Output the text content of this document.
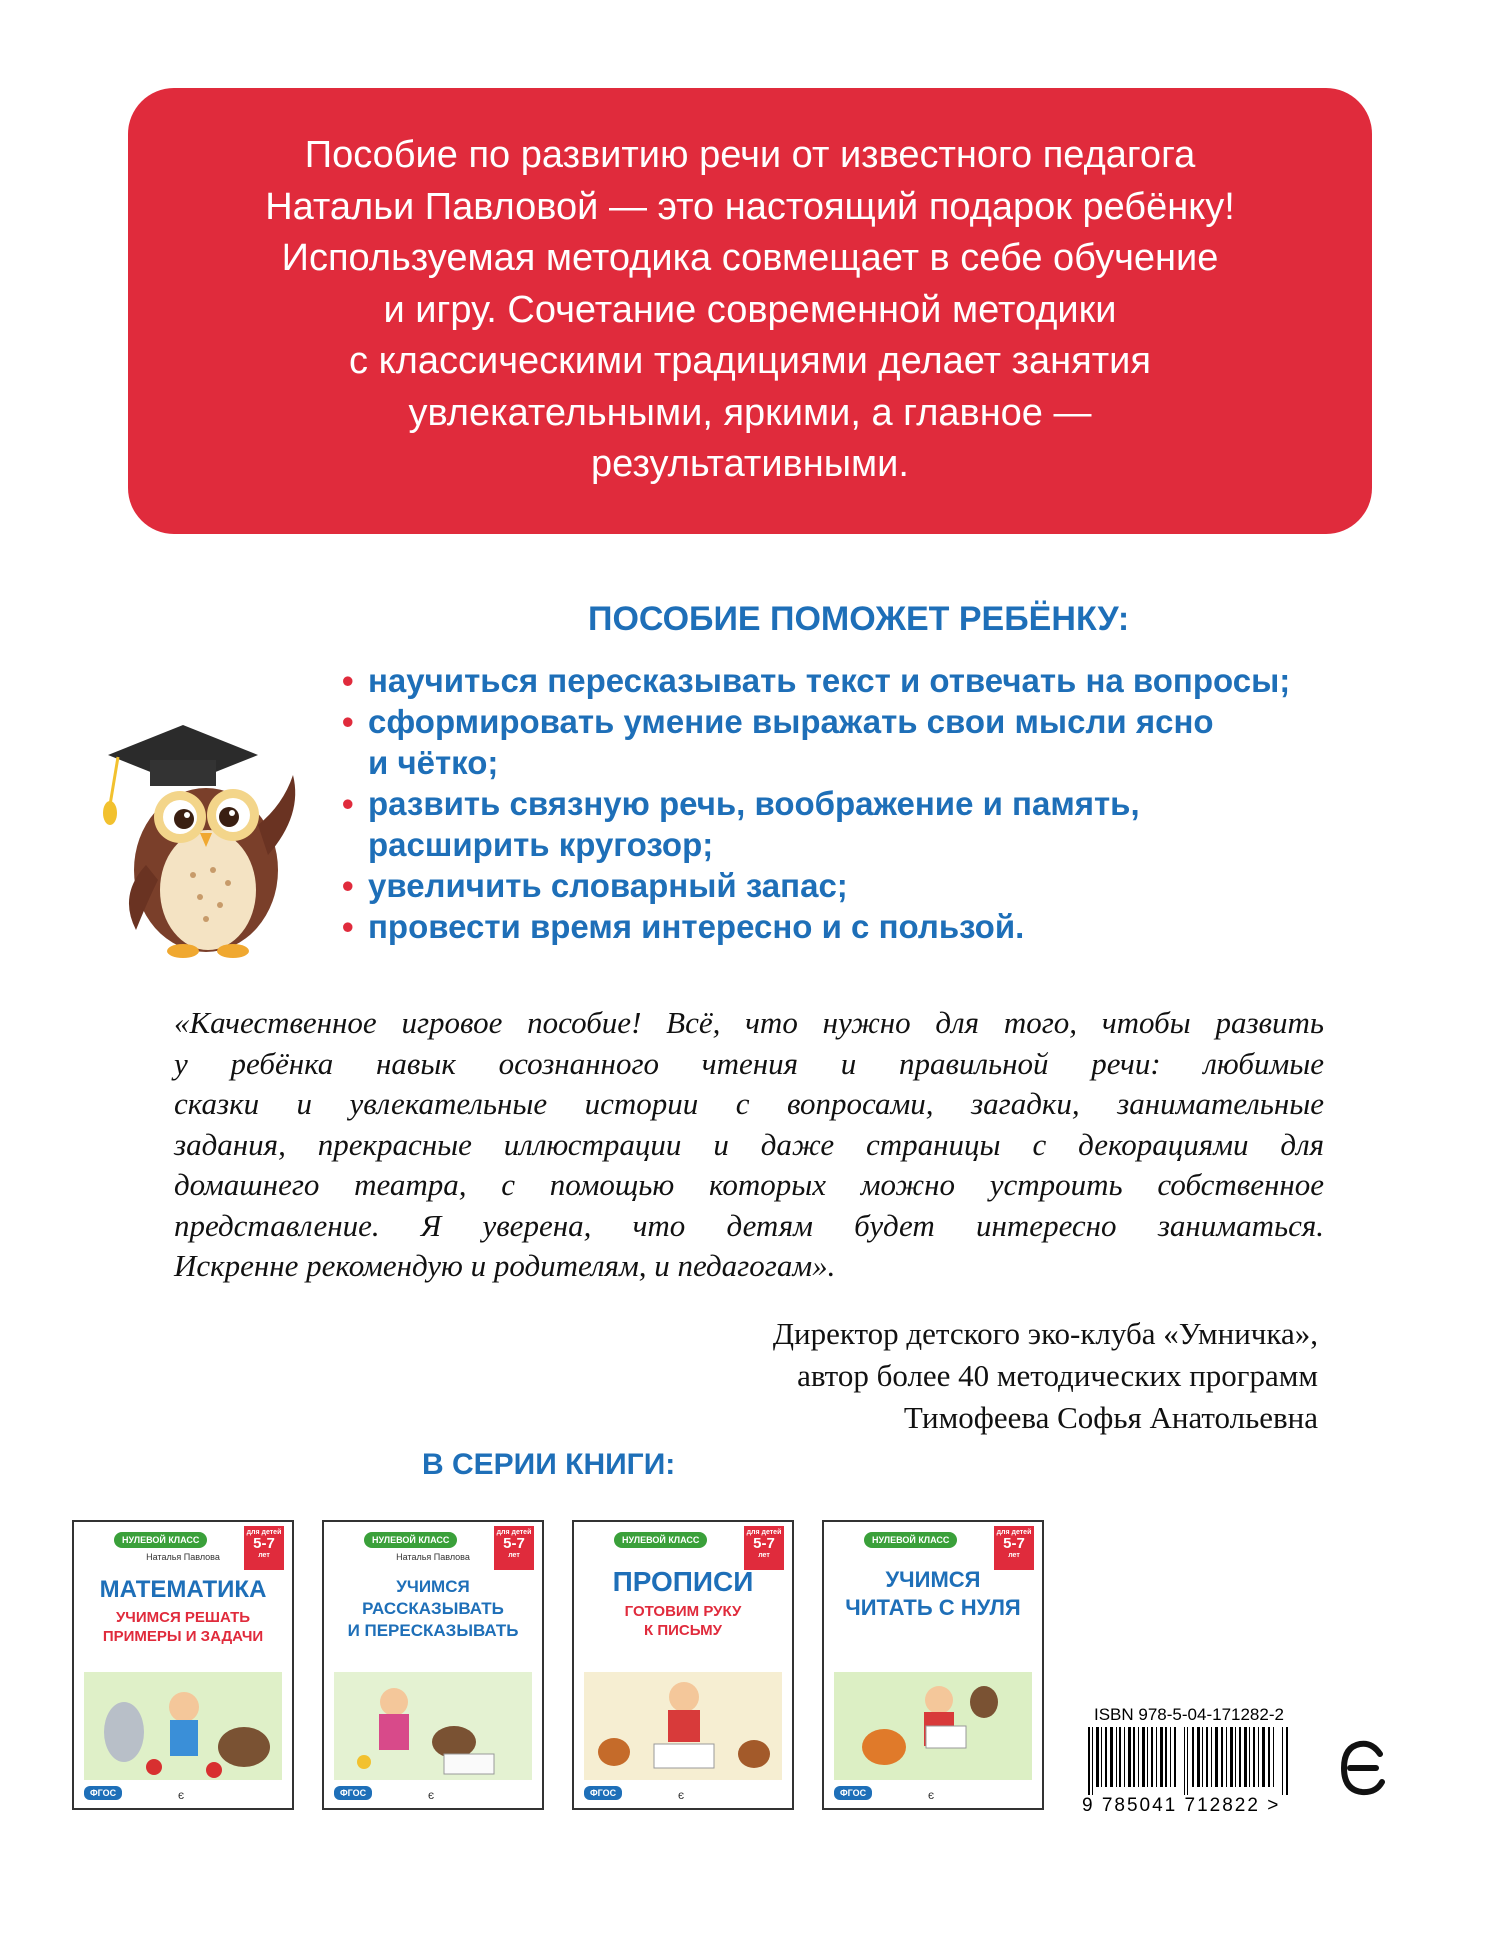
Пособие по развитию речи от известного педагога
Натальи Павловой — это настоящий подарок ребёнку!
Используемая методика совмещает в себе обучение
и игру. Сочетание современной методики
с классическими традициями делает занятия
увлекательными, яркими, а главное —
результативными.
ПОСОБИЕ ПОМОЖЕТ РЕБЁНКУ:
• научиться пересказывать текст и отвечать на вопросы;
• сформировать умение выражать свои мысли ясно
и чётко;
• развить связную речь, воображение и память,
расширить кругозор;
• увеличить словарный запас;
• провести время интересно и с пользой.
«Качественное игровое пособие! Всё, что нужно для того, чтобы развить
у ребёнка навык осознанного чтения и правильной речи: любимые
сказки и увлекательные истории с вопросами, загадки, занимательные
задания, прекрасные иллюстрации и даже страницы с декорациями для
домашнего театра, с помощью которых можно устроить собственное
представление. Я уверена, что детям будет интересно заниматься.
Искренне рекомендую и родителям, и педагогам».
Директор детского эко-клуба «Умничка»,
автор более 40 методических программ
Тимофеева Софья Анатольевна
В СЕРИИ КНИГИ:
НУЛЕВОЙ КЛАСС
для детей
5-7
лет
Наталья Павлова
МАТЕМАТИКА
УЧИМСЯ РЕШАТЬ
ПРИМЕРЫ И ЗАДАЧИ
ФГОС	є
НУЛЕВОЙ КЛАСС
для детей
5-7
лет
Наталья Павлова
УЧИМСЯ
РАССКАЗЫВАТЬ
И ПЕРЕСКАЗЫВАТЬ
ФГОС	є
НУЛЕВОЙ КЛАСС
для детей
5-7
лет
ПРОПИСИ
ГОТОВИМ РУКУ
К ПИСЬМУ
ФГОС	є
НУЛЕВОЙ КЛАСС
для детей
5-7
лет
УЧИМСЯ
ЧИТАТЬ С НУЛЯ
ФГОС	є
ISBN 978-5-04-171282-2
9 785041 712822 >
